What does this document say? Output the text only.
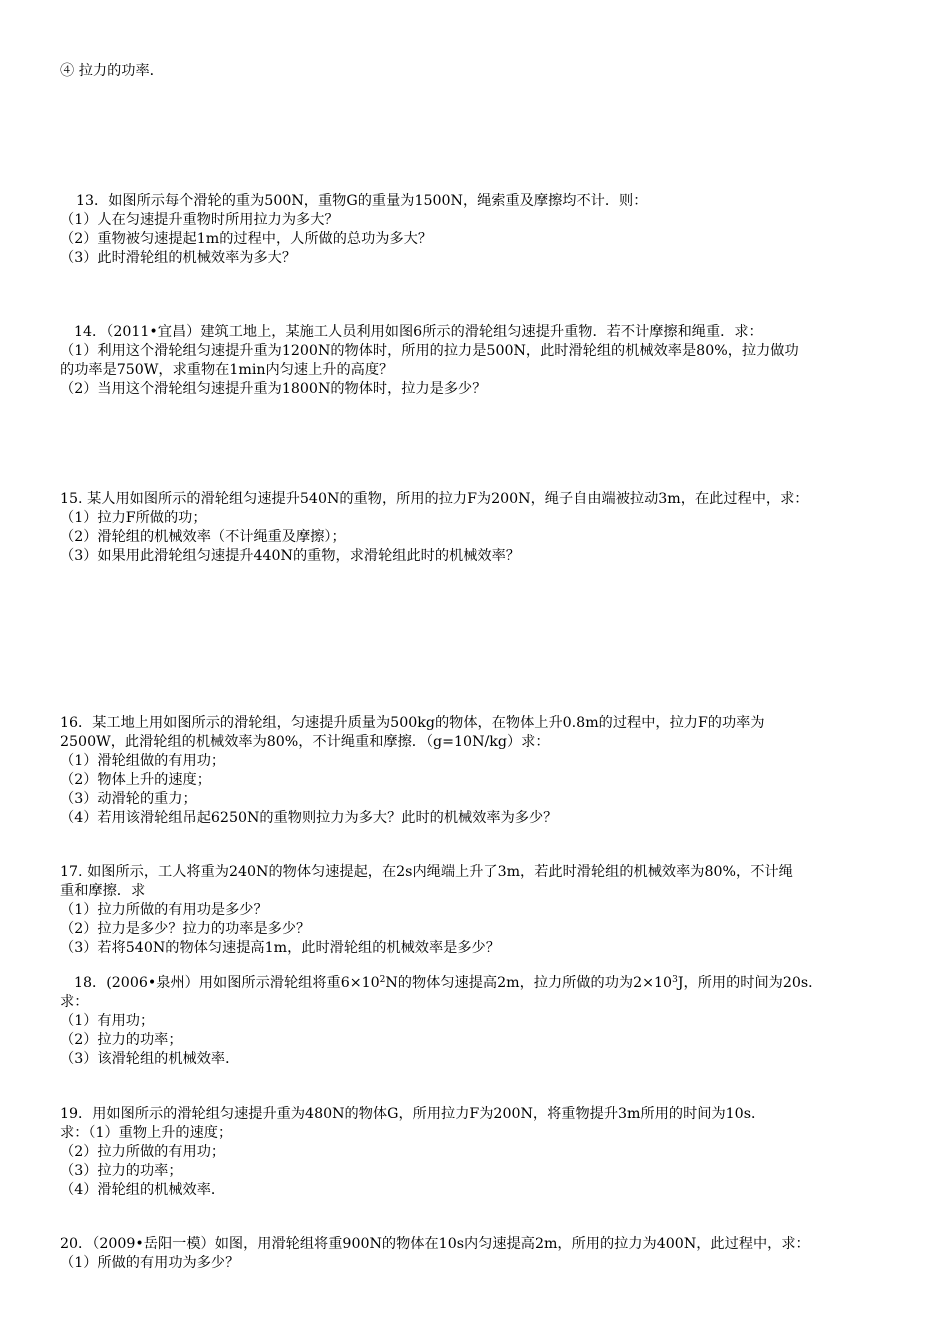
④ 拉力的功率．
13．如图所示每个滑轮的重为500N，重物G的重量为1500N，绳索重及摩擦均不计．则：
（1）人在匀速提升重物时所用拉力为多大？
（2）重物被匀速提起1m的过程中，人所做的总功为多大？
（3）此时滑轮组的机械效率为多大？
14．（2011•宜昌）建筑工地上，某施工人员利用如图6所示的滑轮组匀速提升重物．若不计摩擦和绳重．求：
（1）利用这个滑轮组匀速提升重为1200N的物体时，所用的拉力是500N，此时滑轮组的机械效率是80%，拉力做功
的功率是750W，求重物在1min内匀速上升的高度？
（2）当用这个滑轮组匀速提升重为1800N的物体时，拉力是多少？
15. 某人用如图所示的滑轮组匀速提升540N的重物，所用的拉力F为200N，绳子自由端被拉动3m，在此过程中，求：
（1）拉力F所做的功；
（2）滑轮组的机械效率（不计绳重及摩擦）；
（3）如果用此滑轮组匀速提升440N的重物，求滑轮组此时的机械效率？
16．某工地上用如图所示的滑轮组，匀速提升质量为500kg的物体，在物体上升0.8m的过程中，拉力F的功率为
2500W，此滑轮组的机械效率为80%，不计绳重和摩擦．（g=10N/kg）求：
（1）滑轮组做的有用功；
（2）物体上升的速度；
（3）动滑轮的重力；
（4）若用该滑轮组吊起6250N的重物则拉力为多大？此时的机械效率为多少？
17. 如图所示，工人将重为240N的物体匀速提起，在2s内绳端上升了3m，若此时滑轮组的机械效率为80%，不计绳
重和摩擦．求
（1）拉力所做的有用功是多少？
（2）拉力是多少？拉力的功率是多少？
（3）若将540N的物体匀速提高1m，此时滑轮组的机械效率是多少？
18．(2006•泉州）用如图所示滑轮组将重$6\times 10^2N$的物体匀速提高2m，拉力所做的功为$2\times 10^3J$，所用的时间为20s．
求：
（1）有用功；
（2）拉力的功率；
（3）该滑轮组的机械效率．
19．用如图所示的滑轮组匀速提升重为480N的物体G，所用拉力F为200N，将重物提升3m所用的时间为10s．
求：（1）重物上升的速度；
（2）拉力所做的有用功；
（3）拉力的功率；
（4）滑轮组的机械效率．
20．（2009•岳阳一模）如图，用滑轮组将重900N的物体在10s内匀速提高2m，所用的拉力为400N，此过程中，求：
（1）所做的有用功为多少？
